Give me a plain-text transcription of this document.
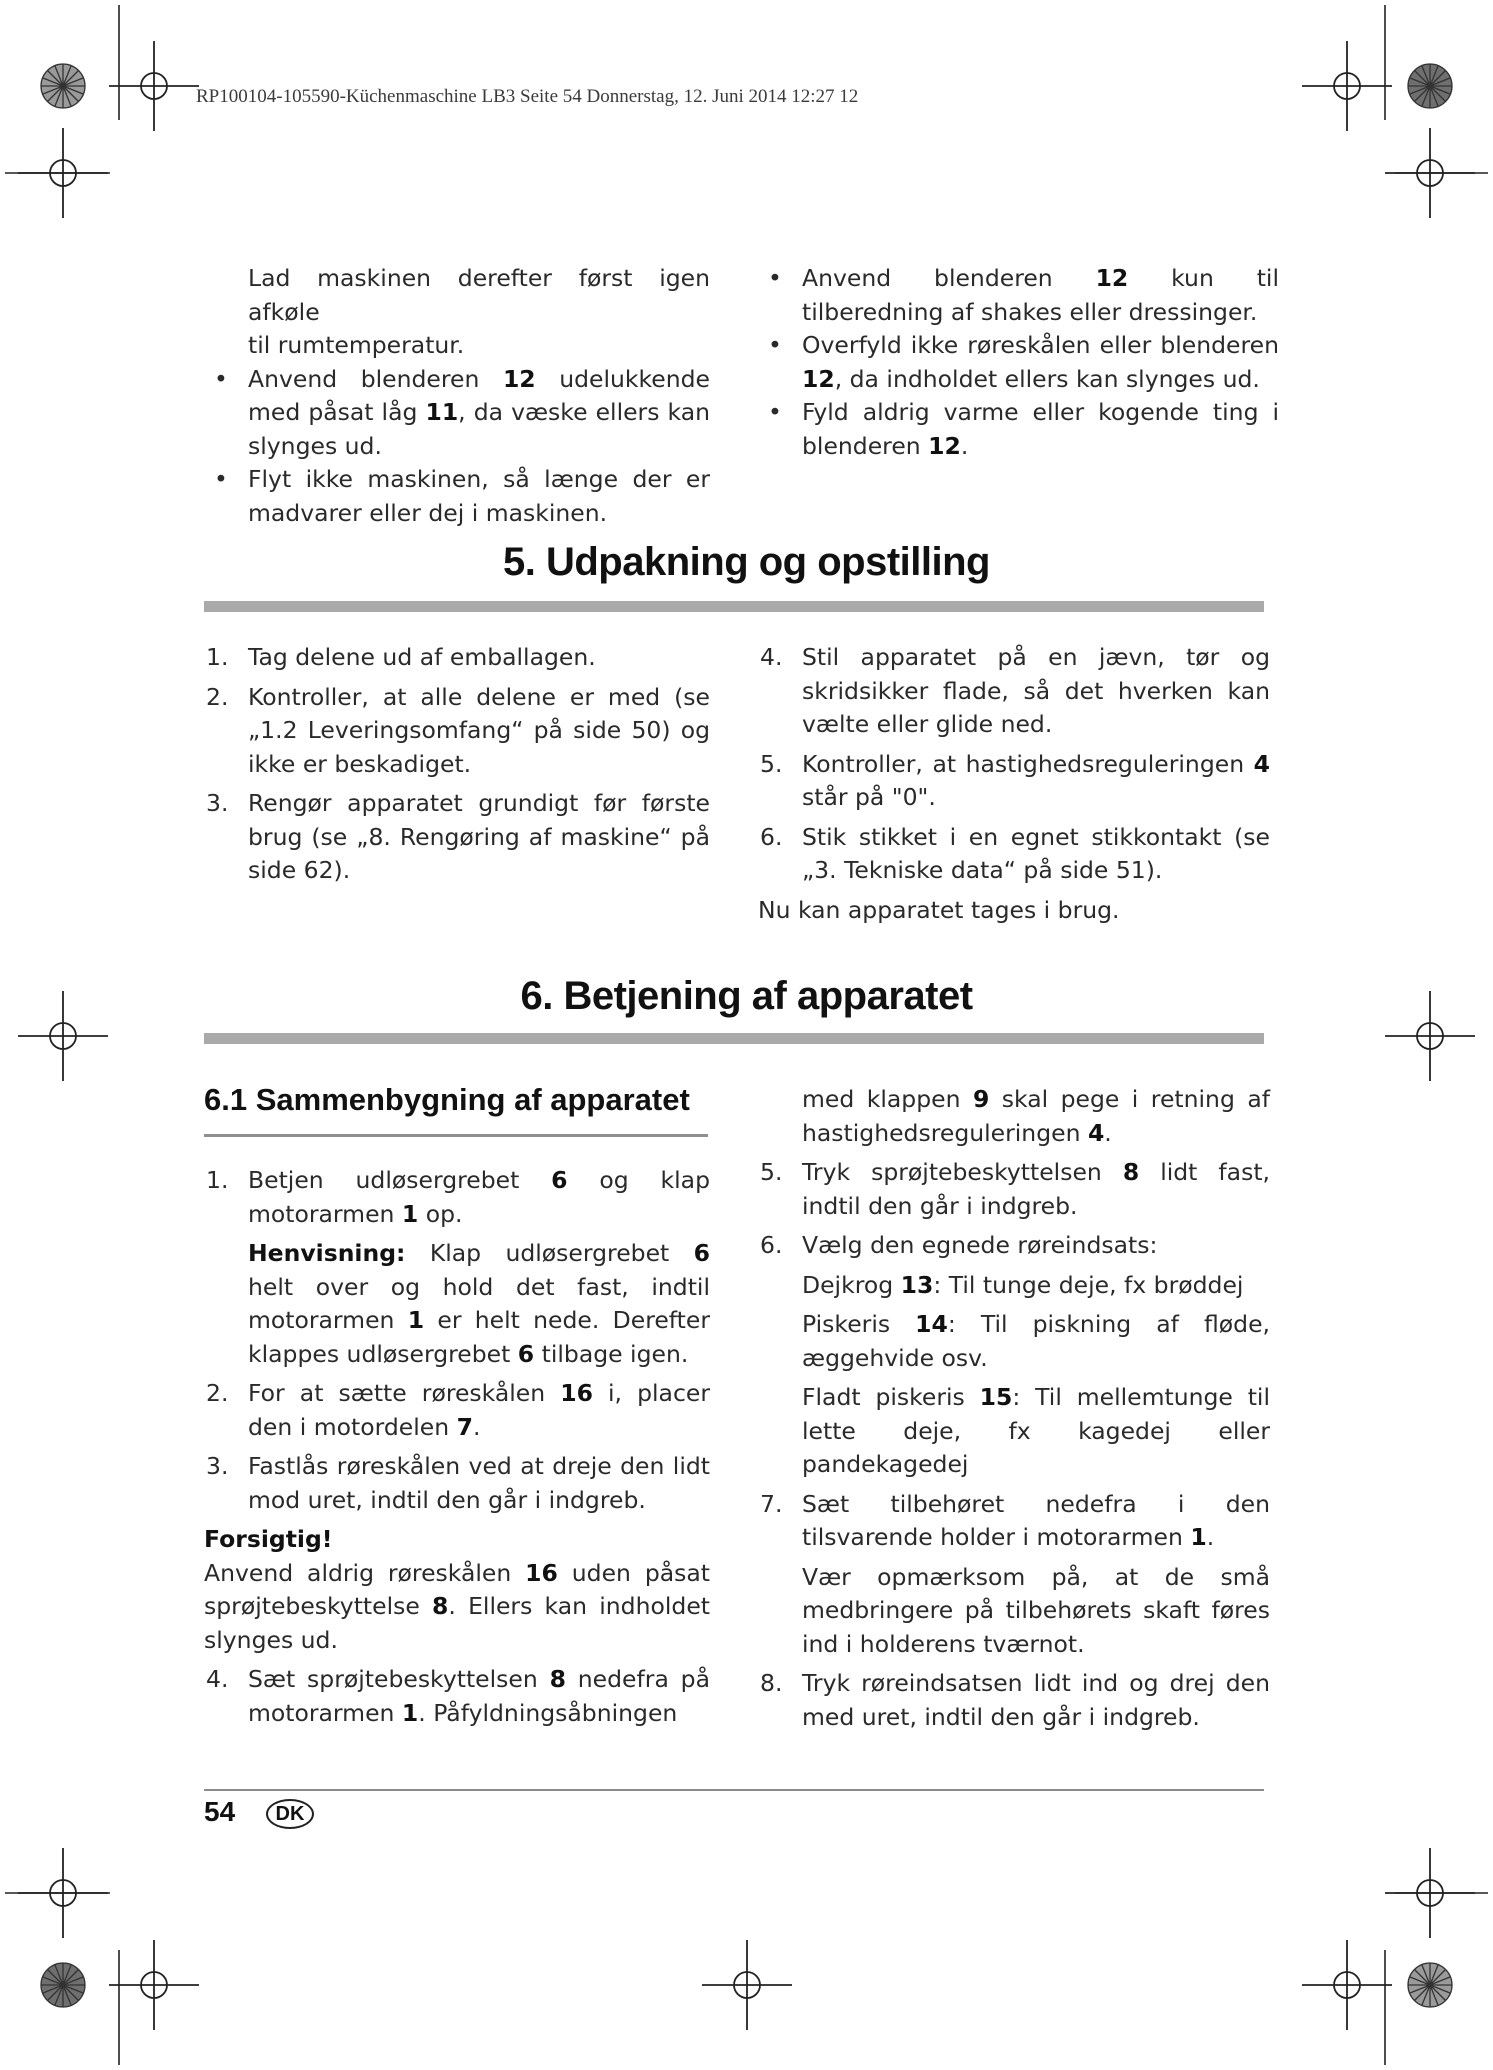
RP100104-105590-Küchenmaschine LB3 Seite 54 Donnerstag, 12. Juni 2014 12:27 12

Lad maskinen derefter først igen afkøle
til rumtemperatur.

• Anvend blenderen 12 udelukkende med påsat låg 11, da væske ellers kan slynges ud.

• Flyt ikke maskinen, så længe der er madvarer eller dej i maskinen.

• Anvend blenderen 12 kun til tilberedning af shakes eller dressinger.

• Overfyld ikke røreskålen eller blenderen 12, da indholdet ellers kan slynges ud.

• Fyld aldrig varme eller kogende ting i blenderen 12.

5. Udpakning og opstilling

1. Tag delene ud af emballagen.

2. Kontroller, at alle delene er med (se „1.2 Leveringsomfang“ på side 50) og ikke er beskadiget.

3. Rengør apparatet grundigt før første brug (se „8. Rengøring af maskine“ på side 62).

4. Stil apparatet på en jævn, tør og skridsikker flade, så det hverken kan vælte eller glide ned.

5. Kontroller, at hastighedsreguleringen 4 står på "0".

6. Stik stikket i en egnet stikkontakt (se „3. Tekniske data“ på side 51).

Nu kan apparatet tages i brug.

6. Betjening af apparatet
6.1 Sammenbygning af apparatet

1. Betjen udløsergrebet 6 og klap motorarmen 1 op.

Henvisning: Klap udløsergrebet 6 helt over og hold det fast, indtil motorarmen 1 er helt nede. Derefter klappes udløsergrebet 6 tilbage igen.

2. For at sætte røreskålen 16 i, placer den i motordelen 7.

3. Fastlås røreskålen ved at dreje den lidt mod uret, indtil den går i indgreb.

Forsigtig!

Anvend aldrig røreskålen 16 uden påsat sprøjtebeskyttelse 8. Ellers kan indholdet slynges ud.

4. Sæt sprøjtebeskyttelsen 8 nedefra på motorarmen 1. Påfyldningsåbningen

med klappen 9 skal pege i retning af hastighedsreguleringen 4.

5. Tryk sprøjtebeskyttelsen 8 lidt fast, indtil den går i indgreb.

6. Vælg den egnede røreindsats:

Dejkrog 13: Til tunge deje, fx brøddej

Piskeris 14: Til piskning af fløde, æggehvide osv.

Fladt piskeris 15: Til mellemtunge til lette deje, fx kagedej eller pandekagedej

7. Sæt tilbehøret nedefra i den tilsvarende holder i motorarmen 1.

Vær opmærksom på, at de små medbringere på tilbehørets skaft føres ind i holderens tværnot.

8. Tryk røreindsatsen lidt ind og drej den med uret, indtil den går i indgreb.

54	DK
